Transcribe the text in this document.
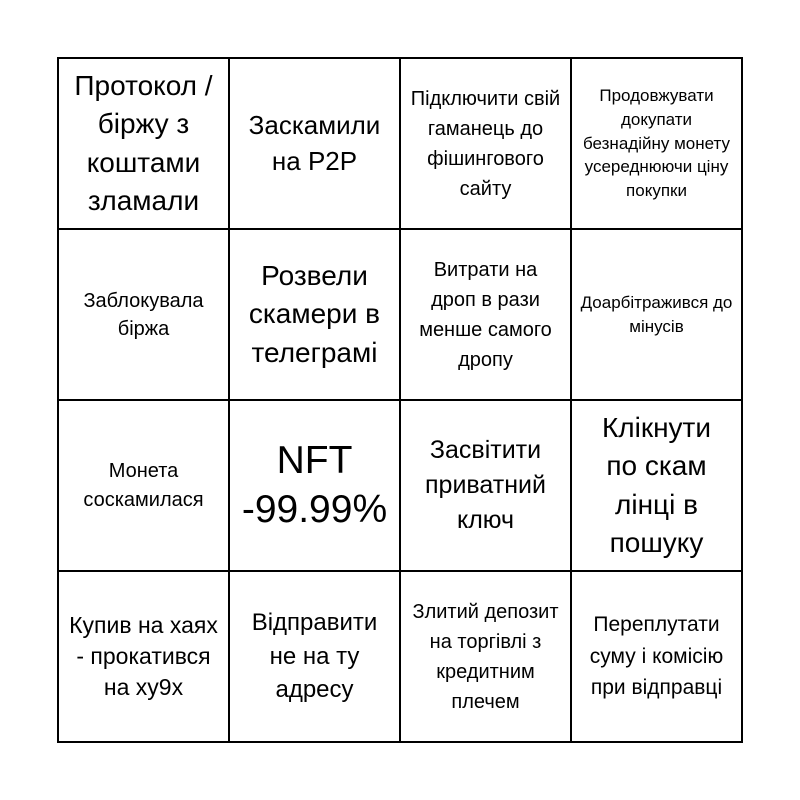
Протокол / біржу з коштами зламали
Заскамили на P2P
Підключити свій гаманець до фішингового сайту
Продовжувати докупати безнадійну монету усереднюючи ціну покупки
Заблокувала біржа
Розвели скамери в телеграмі
Витрати на дроп в рази менше самого дропу
Доарбітражився до мінусів
Монета соскамилася
NFT -99.99%
Засвітити приватний ключ
Клікнути по скам лінці в пошуку
Купив на хаях - прокатився на ху9х
Відправити не на ту адресу
Злитий депозит на торгівлі з кредитним плечем
Переплутати суму і комісію при відправці
